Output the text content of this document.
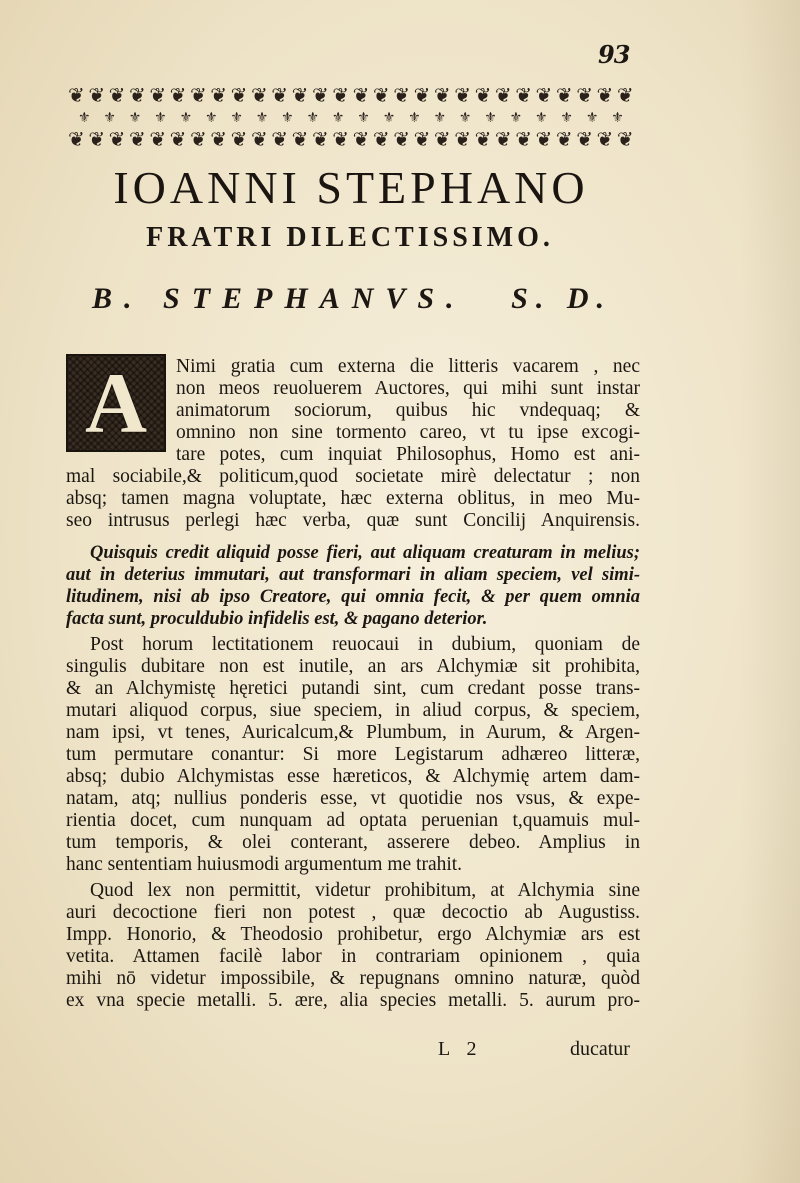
93
❦ ❦ ❦ ❦ ❦ ❦ ❦ ❦ ❦ ❦ ❦ ❦ ❦ ❦ ❦ ❦ ❦ ❦ ❦ ❦ ❦ ❦ ❦ ❦ ❦ ❦ ❦ ❦
⚜ ⚜ ⚜ ⚜ ⚜ ⚜ ⚜ ⚜ ⚜ ⚜ ⚜ ⚜ ⚜ ⚜ ⚜ ⚜ ⚜ ⚜ ⚜ ⚜ ⚜ ⚜
❦ ❦ ❦ ❦ ❦ ❦ ❦ ❦ ❦ ❦ ❦ ❦ ❦ ❦ ❦ ❦ ❦ ❦ ❦ ❦ ❦ ❦ ❦ ❦ ❦ ❦ ❦ ❦
IOANNI STEPHANO
FRATRI DILECTISSIMO.
B. STEPHANVS. S. D.
A Nimi gratia cum externa die litteris vacarem , nec
non meos reuoluerem Auctores, qui mihi sunt instar
animatorum sociorum, quibus hic vndequaq; &
omnino non sine tormento careo, vt tu ipse excogi-
tare potes, cum inquiat Philosophus, Homo est ani-
mal sociabile,& politicum,quod societate mirè delectatur ; non
absq; tamen magna voluptate, hæc externa oblitus, in meo Mu-
seo intrusus perlegi hæc verba, quæ sunt Concilij Anquirensis.
Quisquis credit aliquid posse fieri, aut aliquam creaturam in melius;
aut in deterius immutari, aut transformari in aliam speciem, vel simi-
litudinem, nisi ab ipso Creatore, qui omnia fecit, & per quem omnia
facta sunt, proculdubio infidelis est, & pagano deterior.
Post horum lectitationem reuocaui in dubium, quoniam de
singulis dubitare non est inutile, an ars Alchymiæ sit prohibita,
& an Alchymistę hęretici putandi sint, cum credant posse trans-
mutari aliquod corpus, siue speciem, in aliud corpus, & speciem,
nam ipsi, vt tenes, Auricalcum,& Plumbum, in Aurum, & Argen-
tum permutare conantur: Si more Legistarum adhæreo litteræ,
absq; dubio Alchymistas esse hæreticos, & Alchymię artem dam-
natam, atq; nullius ponderis esse, vt quotidie nos vsus, & expe-
rientia docet, cum nunquam ad optata peruenian t,quamuis mul-
tum temporis, & olei conterant, asserere debeo. Amplius in
hanc sententiam huiusmodi argumentum me trahit.
Quod lex non permittit, videtur prohibitum, at Alchymia sine
auri decoctione fieri non potest , quæ decoctio ab Augustiss.
Impp. Honorio, & Theodosio prohibetur, ergo Alchymiæ ars est
vetita. Attamen facilè labor in contrariam opinionem , quia
mihi nō videtur impossibile, & repugnans omnino naturæ, quòd
ex vna specie metalli. 5. ære, alia species metalli. 5. aurum pro-
L 2	ducatur
